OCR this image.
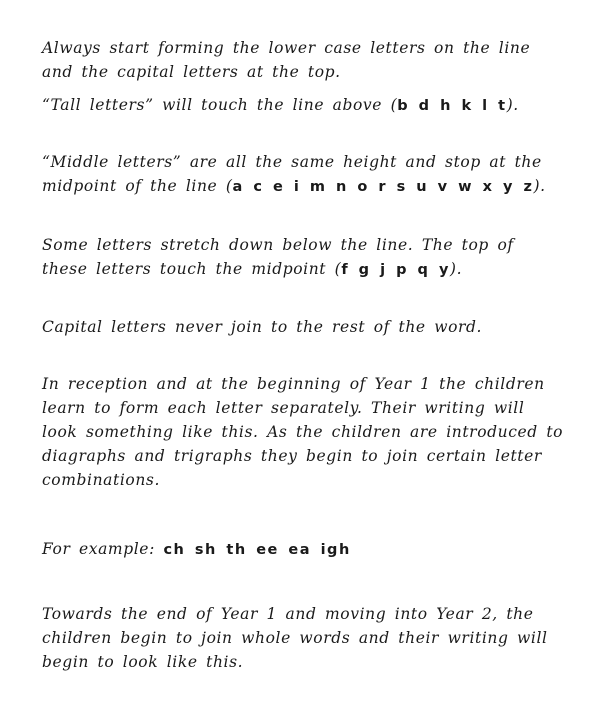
Always start forming the lower case letters on the line and the capital letters at the top.

“Tall letters” will touch the line above (b d h k l t).

“Middle letters” are all the same height and stop at the midpoint of the line (a c e i m n o r s u v w x y z).

Some letters stretch down below the line. The top of these letters touch the midpoint (f g j p q y).

Capital letters never join to the rest of the word.

In reception and at the beginning of Year 1 the children learn to form each letter separately. Their writing will look something like this. As the children are introduced to diagraphs and trigraphs they begin to join certain letter combinations.

For example: ch sh th ee ea igh

Towards the end of Year 1 and moving into Year 2, the children begin to join whole words and their writing will begin to look like this.
